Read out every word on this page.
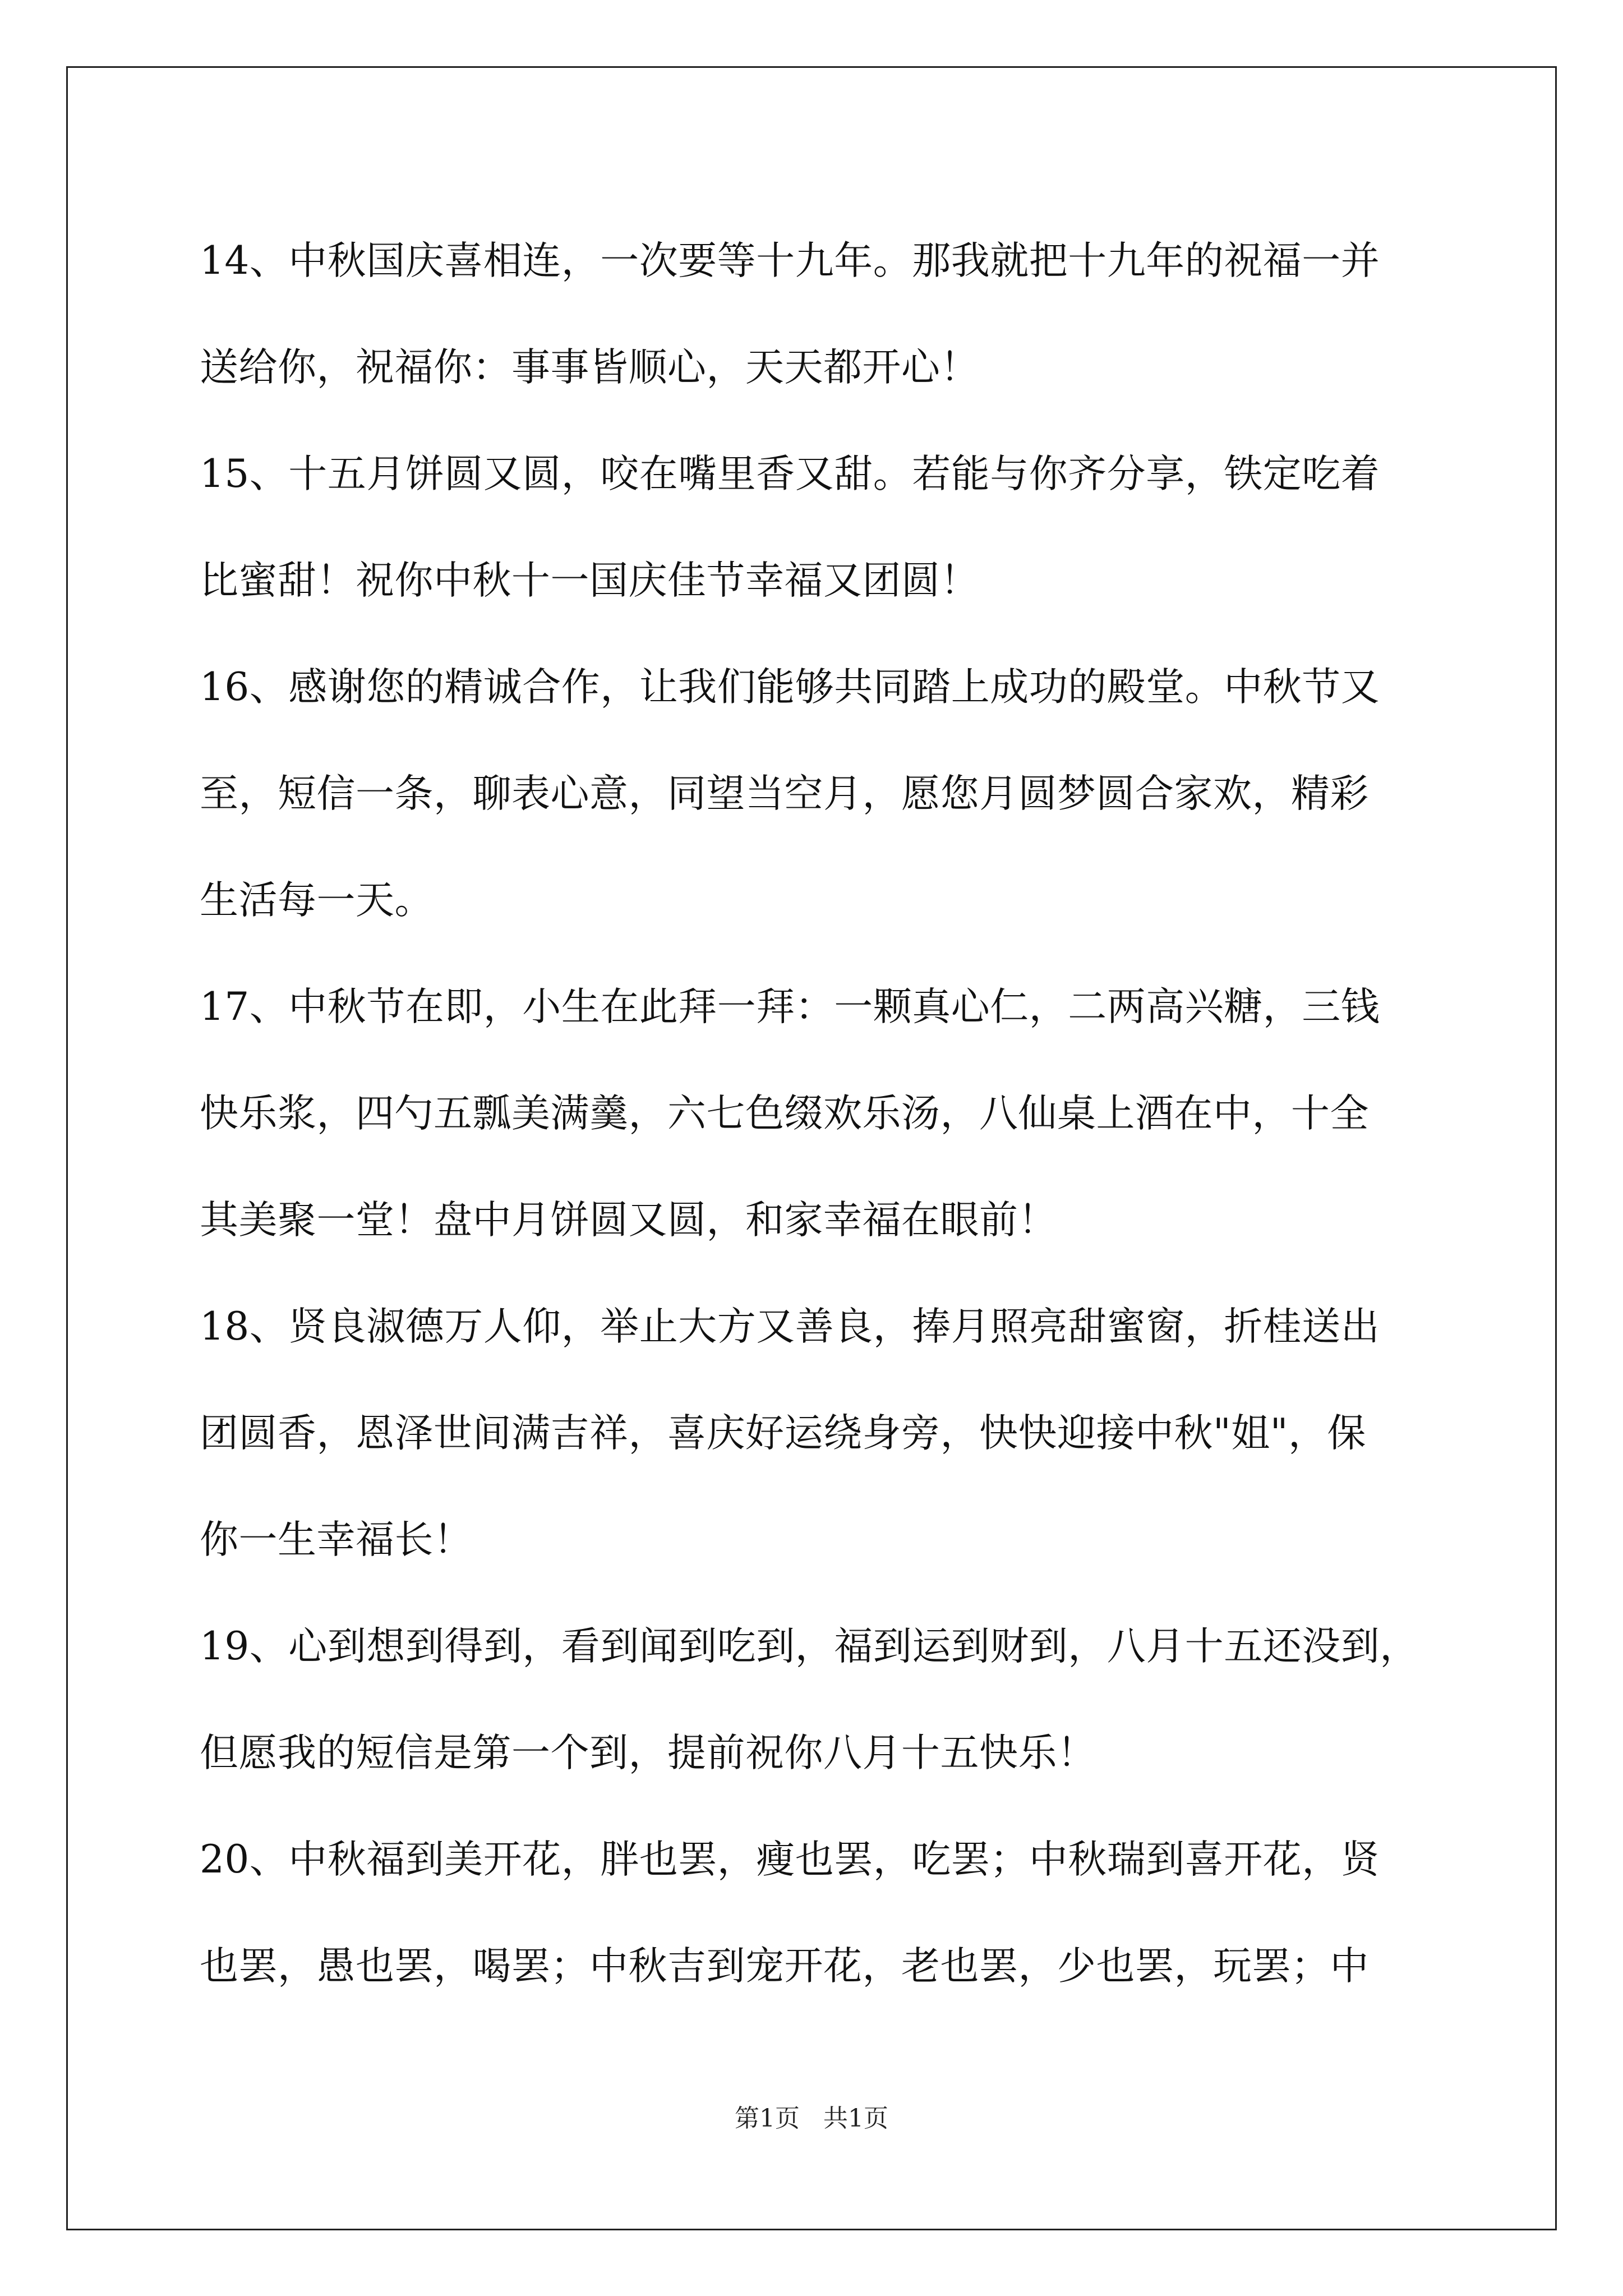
14、中秋国庆喜相连，一次要等十九年。那我就把十九年的祝福一并
送给你，祝福你：事事皆顺心，天天都开心！
15、十五月饼圆又圆，咬在嘴里香又甜。若能与你齐分享，铁定吃着
比蜜甜！祝你中秋十一国庆佳节幸福又团圆！
16、感谢您的精诚合作，让我们能够共同踏上成功的殿堂。中秋节又
至，短信一条，聊表心意，同望当空月，愿您月圆梦圆合家欢，精彩
生活每一天。
17、中秋节在即，小生在此拜一拜：一颗真心仁，二两高兴糖，三钱
快乐浆，四勺五瓢美满羹，六七色缀欢乐汤，八仙桌上酒在中，十全
其美聚一堂！盘中月饼圆又圆，和家幸福在眼前！
18、贤良淑德万人仰，举止大方又善良，捧月照亮甜蜜窗，折桂送出
团圆香，恩泽世间满吉祥，喜庆好运绕身旁，快快迎接中秋"姐"，保
你一生幸福长！
19、心到想到得到，看到闻到吃到，福到运到财到，八月十五还没到，
但愿我的短信是第一个到，提前祝你八月十五快乐！
20、中秋福到美开花，胖也罢，瘦也罢，吃罢；中秋瑞到喜开花，贤
也罢，愚也罢，喝罢；中秋吉到宠开花，老也罢，少也罢，玩罢；中
第1页   共1页
